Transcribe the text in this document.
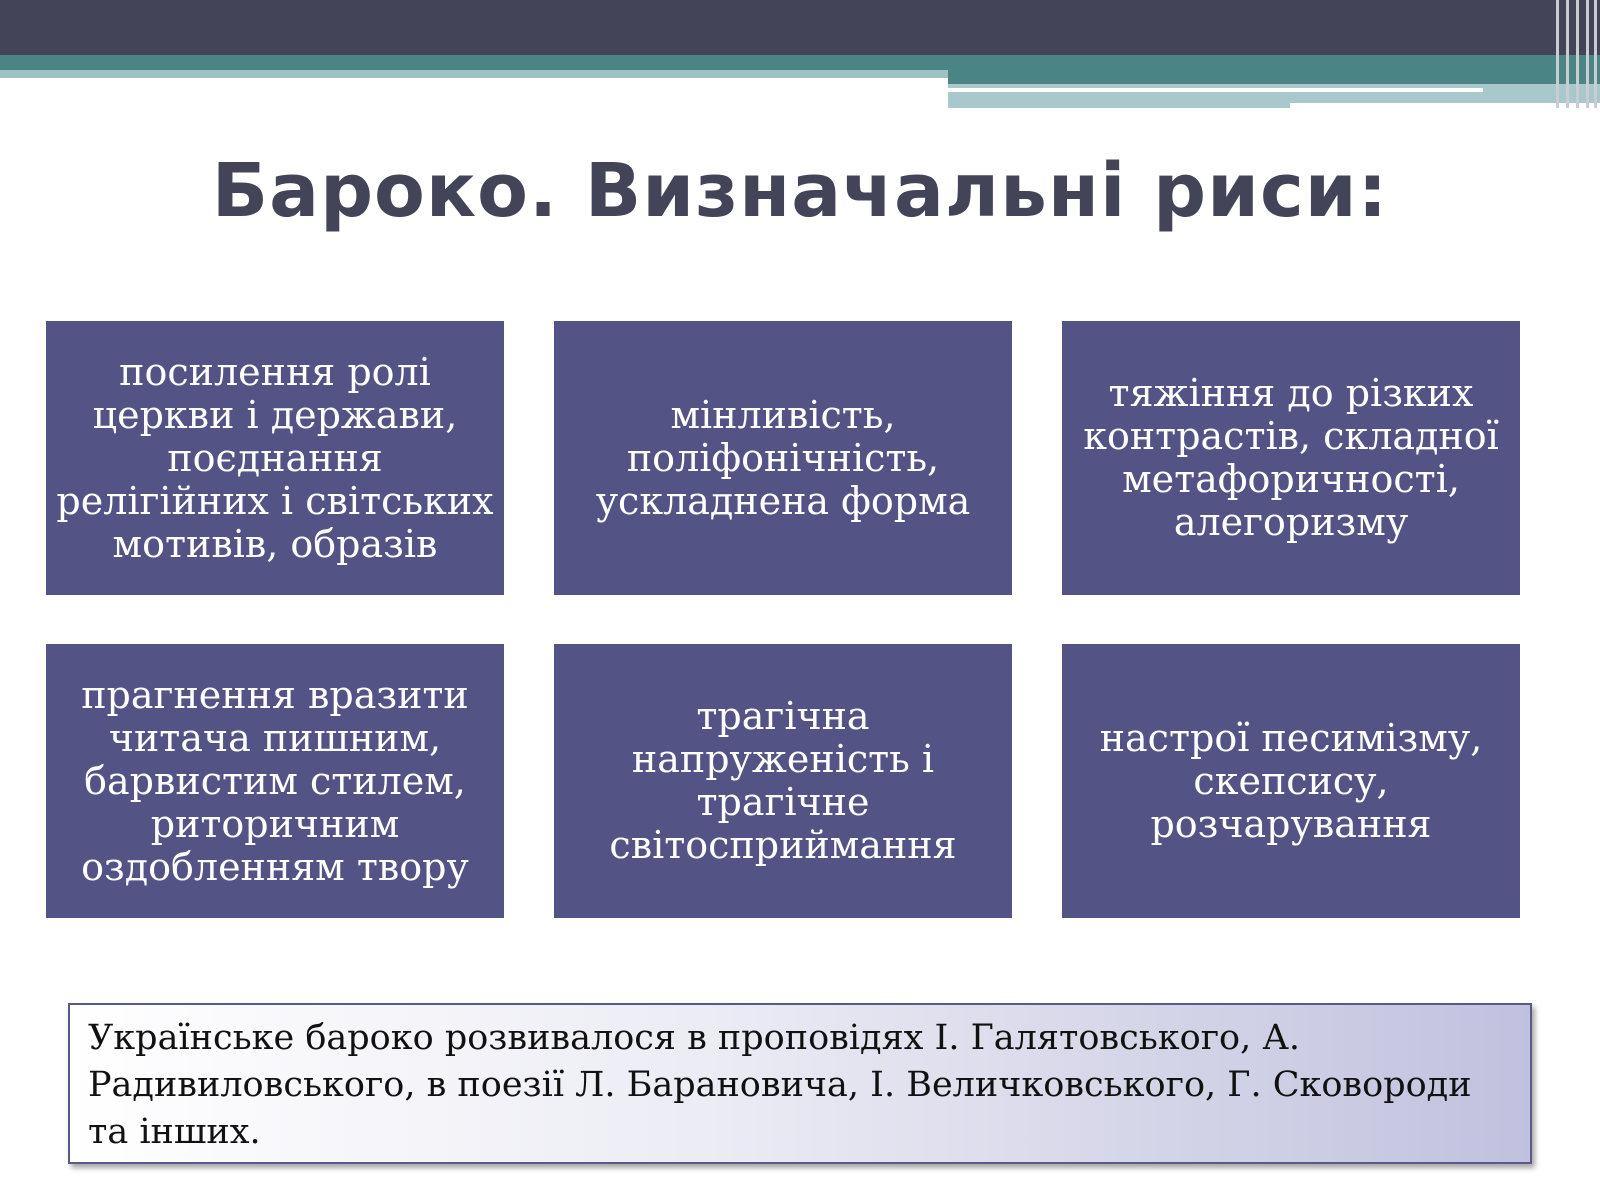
Бароко. Визначальні риси:
посилення ролі церкви і держави, поєднання релігійних і світських мотивів, образів
мінливість, поліфонічність, ускладнена форма
тяжіння до різких контрастів, складної метафоричності, алегоризму
прагнення вразити читача пишним, барвистим стилем, риторичним оздобленням твору
трагічна напруженість і трагічне світосприймання
настрої песимізму, скепсису, розчарування
Українське бароко розвивалося в проповідях І. Галятовського, А. Радивиловського, в поезії Л. Барановича, І. Величковського, Г. Сковороди та інших.
